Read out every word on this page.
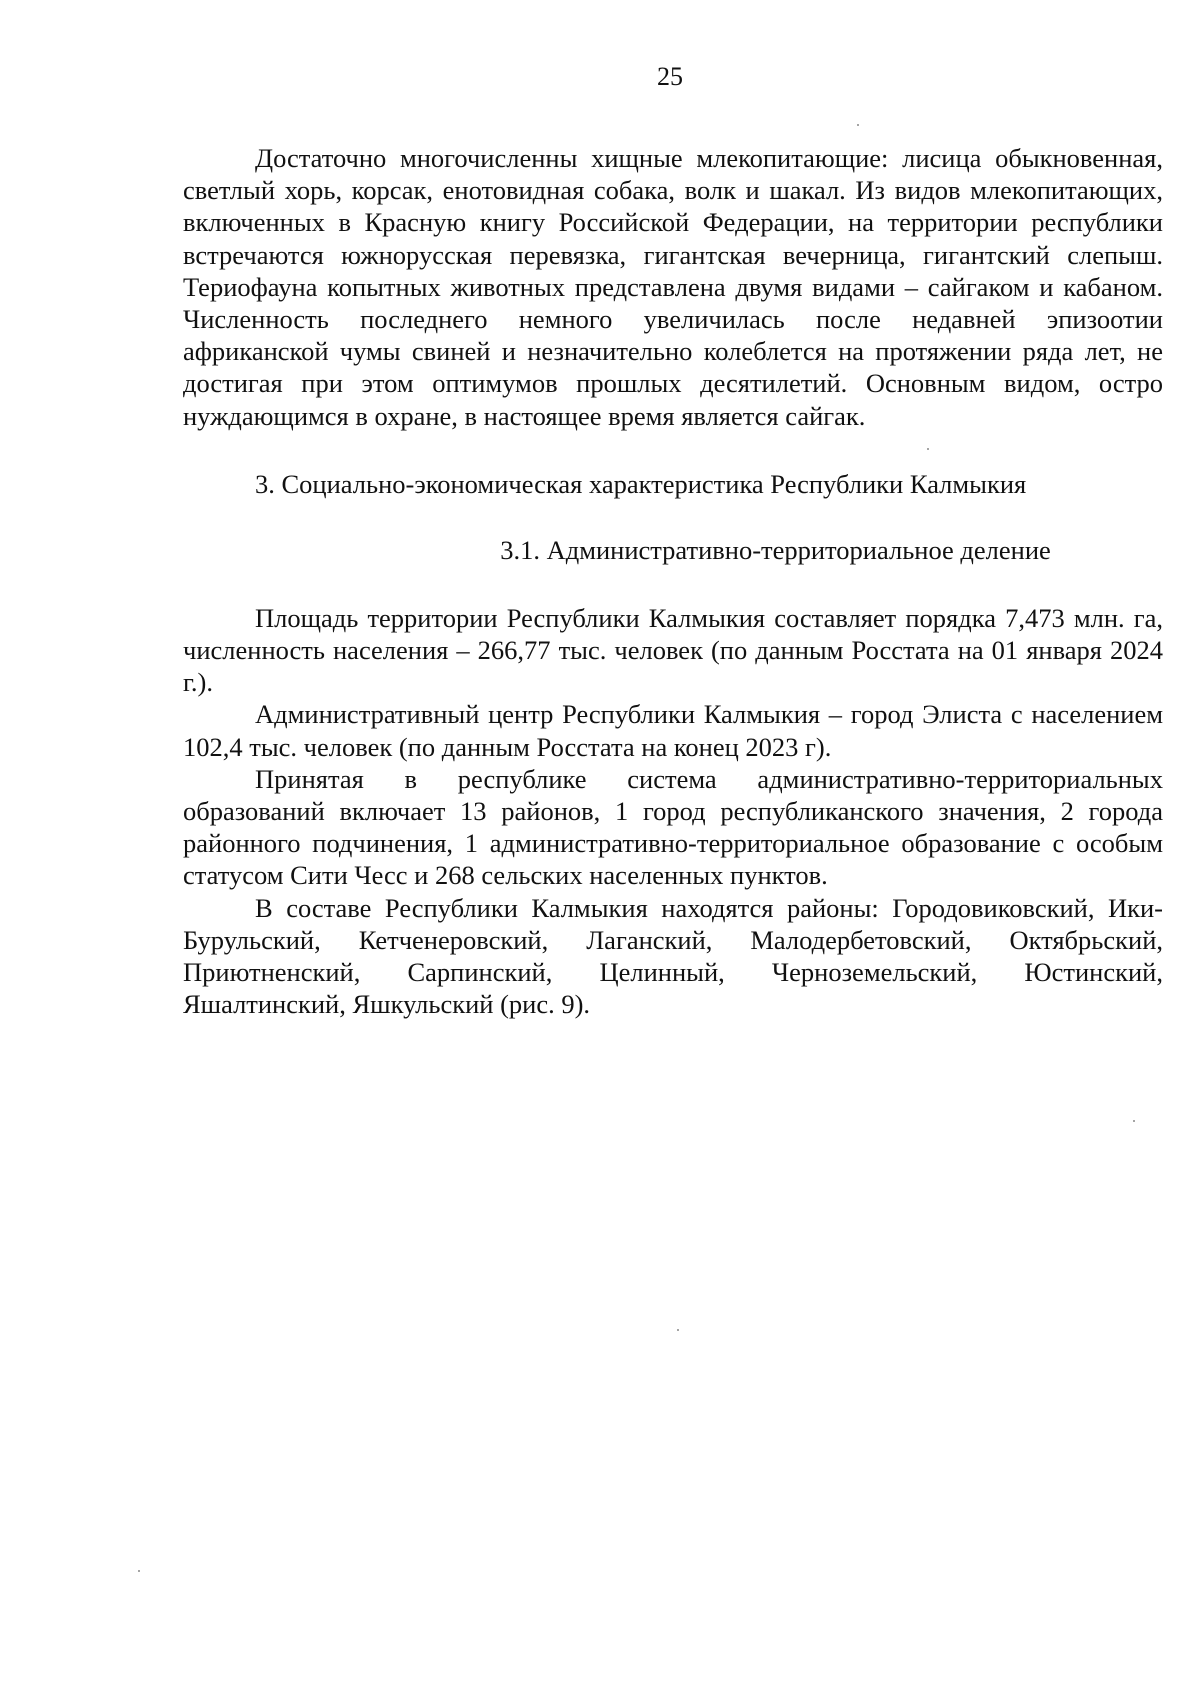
25

Достаточно многочисленны хищные млекопитающие: лисица обыкновенная, светлый хорь, корсак, енотовидная собака, волк и шакал. Из видов млекопитающих, включенных в Красную книгу Российской Федерации, на территории республики встречаются южнорусская перевязка, гигантская вечерница, гигантский слепыш. Териофауна копытных животных представлена двумя видами – сайгаком и кабаном. Численность последнего немного увеличилась после недавней эпизоотии африканской чумы свиней и незначительно колеблется на протяжении ряда лет, не достигая при этом оптимумов прошлых десятилетий. Основным видом, остро нуждающимся в охране, в настоящее время является сайгак.

3. Социально-экономическая характеристика Республики Калмыкия
3.1. Административно-территориальное деление

Площадь территории Республики Калмыкия составляет порядка 7,473 млн. га, численность населения – 266,77 тыс. человек (по данным Росстата на 01 января 2024 г.).

Административный центр Республики Калмыкия – город Элиста с населением 102,4 тыс. человек (по данным Росстата на конец 2023 г).

Принятая в республике система административно-территориальных образований включает 13 районов, 1 город республиканского значения, 2 города районного подчинения, 1 административно-территориальное образование с особым статусом Сити Чесс и 268 сельских населенных пунктов.

В составе Республики Калмыкия находятся районы: Городовиковский, Ики-Бурульский, Кетченеровский, Лаганский, Малодербетовский, Октябрьский, Приютненский, Сарпинский, Целинный, Черноземельский, Юстинский, Яшалтинский, Яшкульский (рис. 9).
